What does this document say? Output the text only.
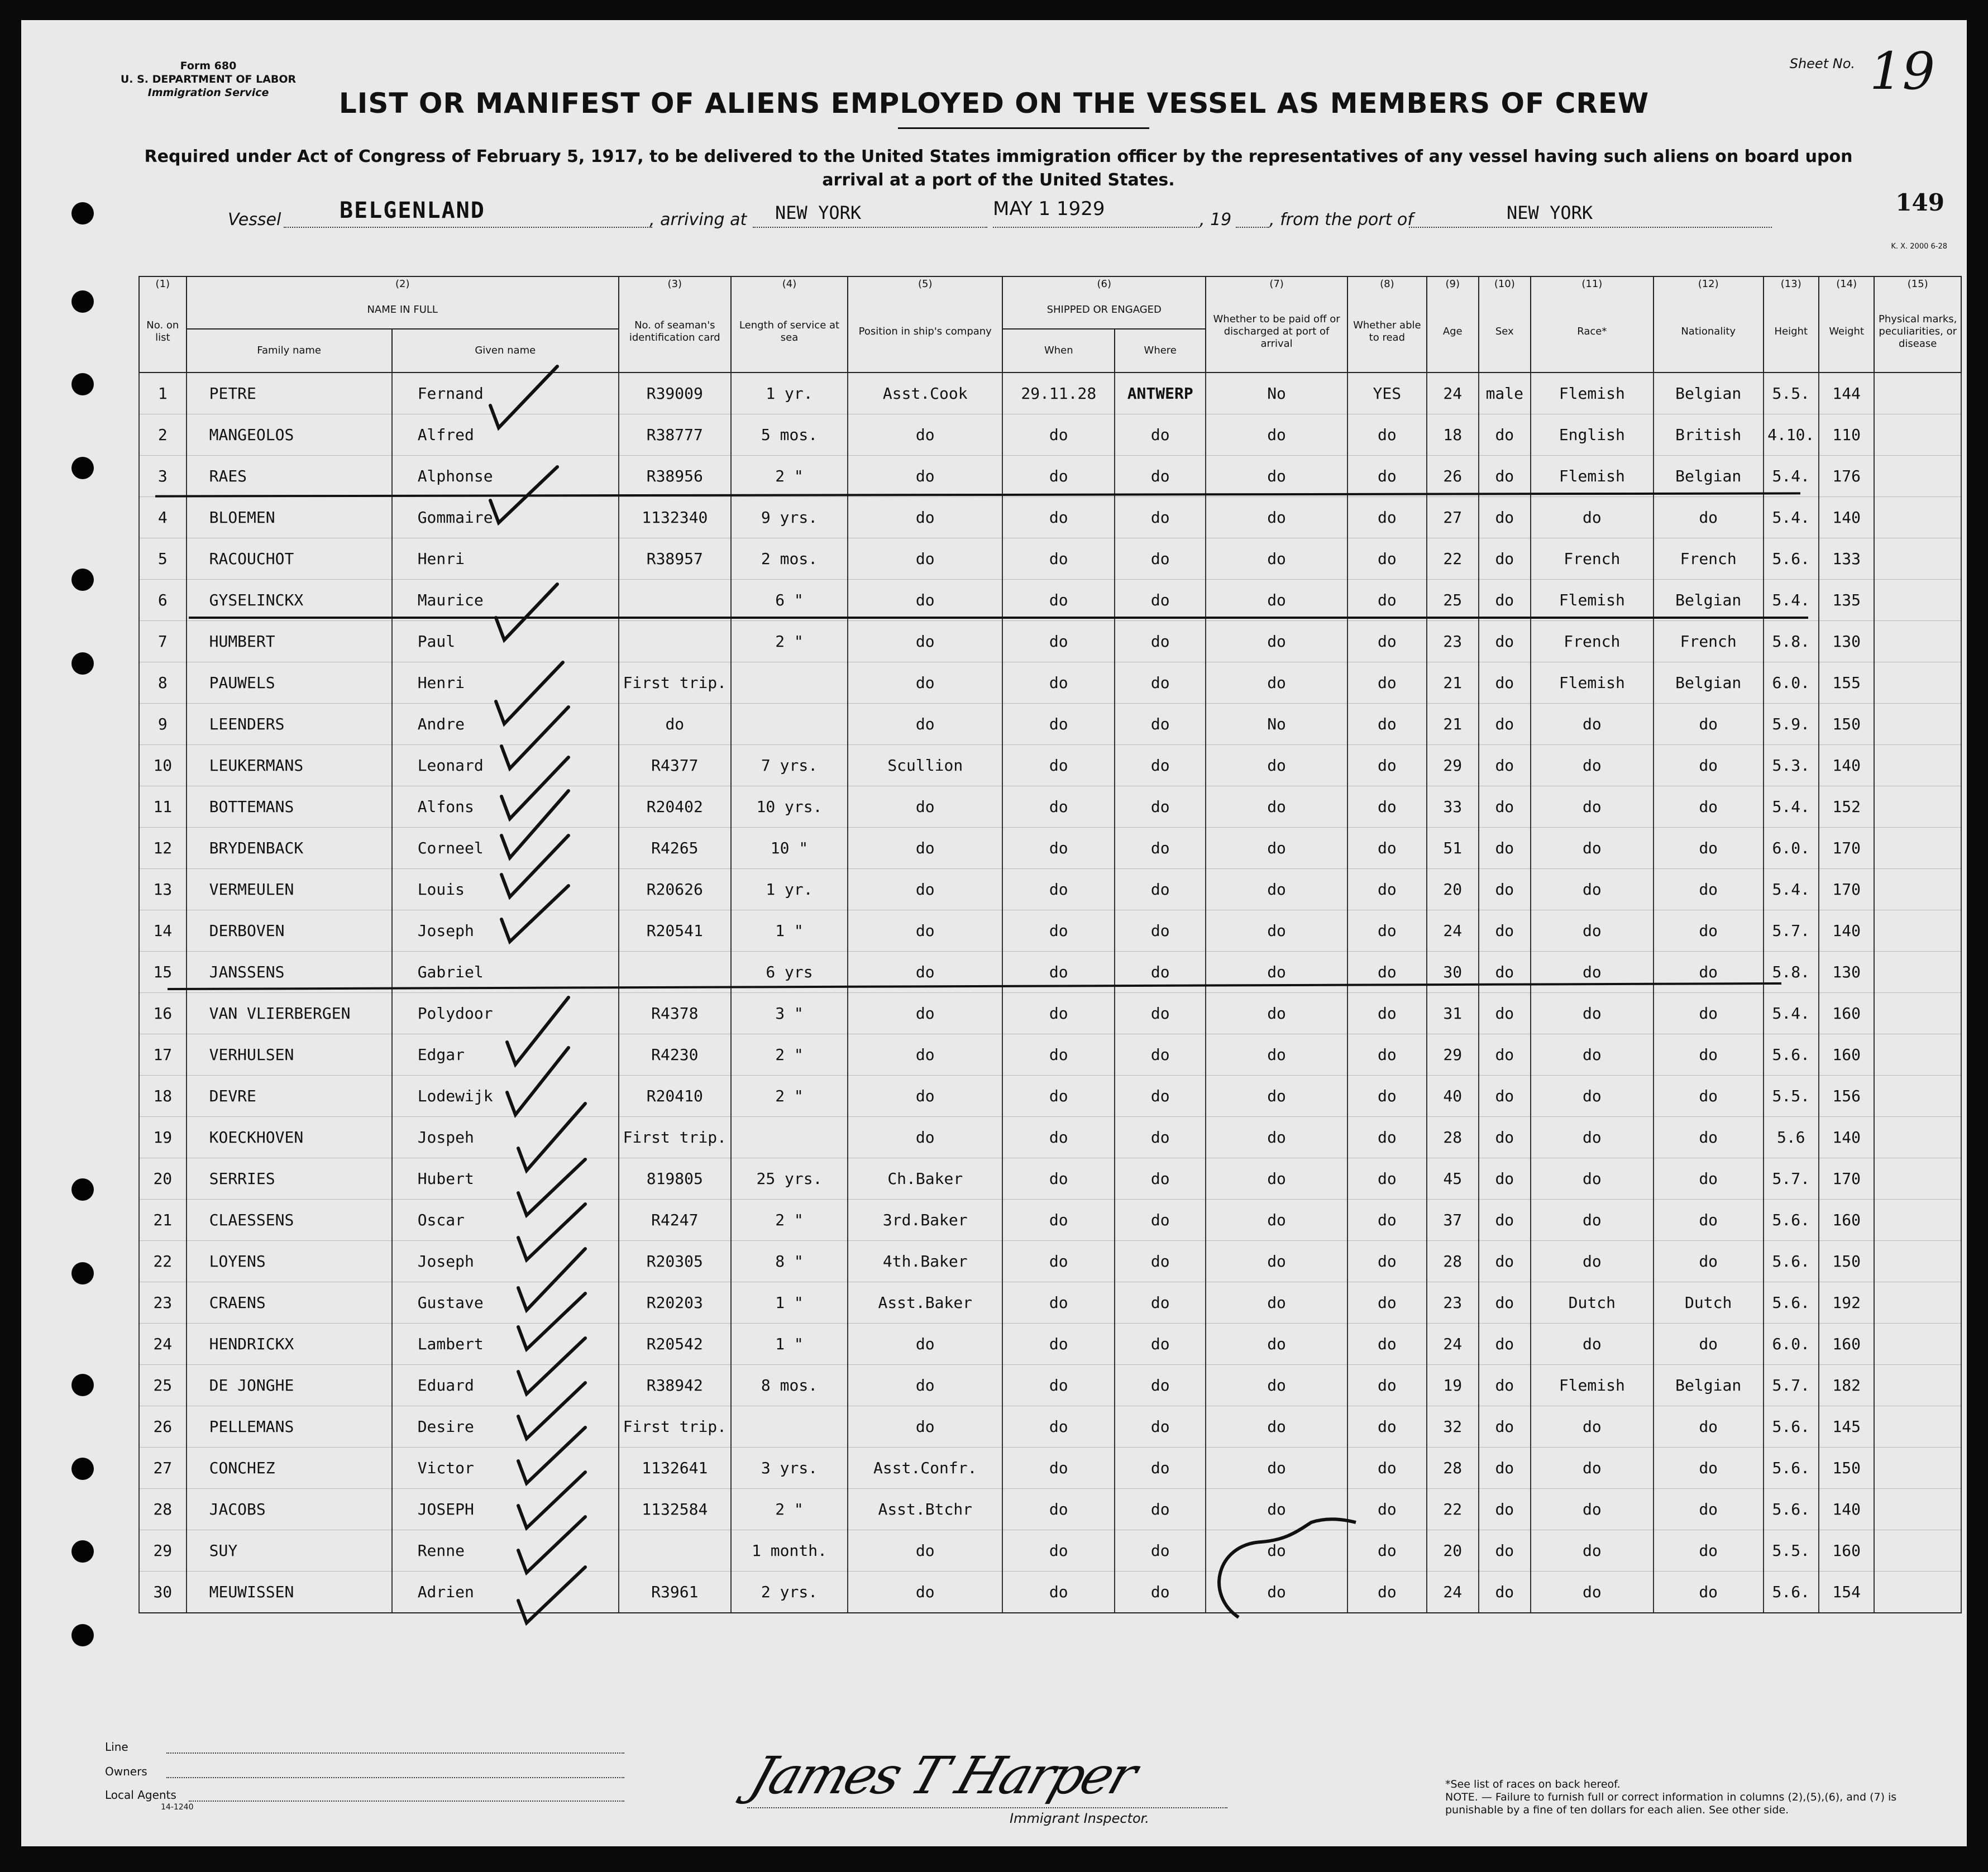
Form 680
U. S. DEPARTMENT OF LABOR
Immigration Service
Sheet No. 19
LIST OR MANIFEST OF ALIENS EMPLOYED ON THE VESSEL AS MEMBERS OF CREW
Required under Act of Congress of February 5, 1917, to be delivered to the United States immigration officer by the representatives of any vessel having such aliens on board upon arrival at a port of the United States.
Vessel	BELGENLAND	, arriving at NEW YORK	MAY 1 1929	, 19 , from the port of	NEW YORK	149
K. X. 2000 6-28
(1)	(2)		(3)	(4)	(5)	(6)		(7)	(8)	(9)	(10)	(11)	(12)	(13)	(14)	(15)
No. on list	NAME IN FULL		No. of seaman's identification card	Length of service at sea	Position in ship's company	SHIPPED OR ENGAGED		Whether to be paid off or discharged at port of arrival	Whether able to read	Age	Sex	Race*	Nationality	Height	Weight	Physical marks, peculiarities, or disease
	Family name	Given name				When	Where									
1	PETRE	Fernand	R39009	1 yr.	Asst.Cook	29.11.28	ANTWERP	No	YES	24	male	Flemish	Belgian	5.5.	144	
2	MANGEOLOS	Alfred	R38777	5 mos.	do	do	do	do	do	18	do	English	British	4.10.	110	
3	RAES	Alphonse	R38956	2 "	do	do	do	do	do	26	do	Flemish	Belgian	5.4.	176	
4	BLOEMEN	Gommaire	1132340	9 yrs.	do	do	do	do	do	27	do	do	do	5.4.	140	
5	RACOUCHOT	Henri	R38957	2 mos.	do	do	do	do	do	22	do	French	French	5.6.	133	
6	GYSELINCKX	Maurice		6 "	do	do	do	do	do	25	do	Flemish	Belgian	5.4.	135	
7	HUMBERT	Paul		2 "	do	do	do	do	do	23	do	French	French	5.8.	130	
8	PAUWELS	Henri	First trip.		do	do	do	do	do	21	do	Flemish	Belgian	6.0.	155	
9	LEENDERS	Andre	do		do	do	do	No	do	21	do	do	do	5.9.	150	
10	LEUKERMANS	Leonard	R4377	7 yrs.	Scullion	do	do	do	do	29	do	do	do	5.3.	140	
11	BOTTEMANS	Alfons	R20402	10 yrs.	do	do	do	do	do	33	do	do	do	5.4.	152	
12	BRYDENBACK	Corneel	R4265	10 "	do	do	do	do	do	51	do	do	do	6.0.	170	
13	VERMEULEN	Louis	R20626	1 yr.	do	do	do	do	do	20	do	do	do	5.4.	170	
14	DERBOVEN	Joseph	R20541	1 "	do	do	do	do	do	24	do	do	do	5.7.	140	
15	JANSSENS	Gabriel		6 yrs	do	do	do	do	do	30	do	do	do	5.8.	130	
16	VAN VLIERBERGEN	Polydoor	R4378	3 "	do	do	do	do	do	31	do	do	do	5.4.	160	
17	VERHULSEN	Edgar	R4230	2 "	do	do	do	do	do	29	do	do	do	5.6.	160	
18	DEVRE	Lodewijk	R20410	2 "	do	do	do	do	do	40	do	do	do	5.5.	156	
19	KOECKHOVEN	Jospeh	First trip.		do	do	do	do	do	28	do	do	do	5.6	140	
20	SERRIES	Hubert	819805	25 yrs.	Ch.Baker	do	do	do	do	45	do	do	do	5.7.	170	
21	CLAESSENS	Oscar	R4247	2 "	3rd.Baker	do	do	do	do	37	do	do	do	5.6.	160	
22	LOYENS	Joseph	R20305	8 "	4th.Baker	do	do	do	do	28	do	do	do	5.6.	150	
23	CRAENS	Gustave	R20203	1 "	Asst.Baker	do	do	do	do	23	do	Dutch	Dutch	5.6.	192	
24	HENDRICKX	Lambert	R20542	1 "	do	do	do	do	do	24	do	do	do	6.0.	160	
25	DE JONGHE	Eduard	R38942	8 mos.	do	do	do	do	do	19	do	Flemish	Belgian	5.7.	182	
26	PELLEMANS	Desire	First trip.		do	do	do	do	do	32	do	do	do	5.6.	145	
27	CONCHEZ	Victor	1132641	3 yrs.	Asst.Confr.	do	do	do	do	28	do	do	do	5.6.	150	
28	JACOBS	JOSEPH	1132584	2 "	Asst.Btchr	do	do	do	do	22	do	do	do	5.6.	140	
29	SUY	Renne		1 month.	do	do	do	do	do	20	do	do	do	5.5.	160	
30	MEUWISSEN	Adrien	R3961	2 yrs.	do	do	do	do	do	24	do	do	do	5.6.	154	
Line
Owners
Local Agents
14-1240
James T Harper
Immigrant Inspector.
*See list of races on back hereof.
NOTE. — Failure to furnish full or correct information in columns (2),(5),(6), and (7) is punishable by a fine of ten dollars for each alien. See other side.
